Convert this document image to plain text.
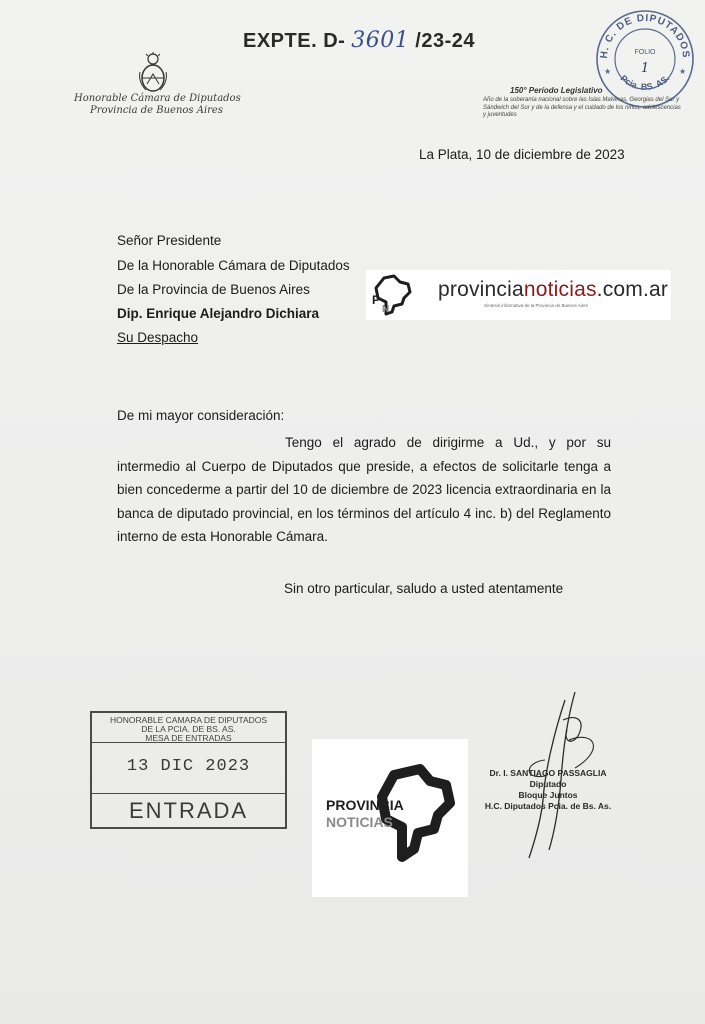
EXPTE. D- 3601 /23-24
Honorable Cámara de Diputados
Provincia de Buenos Aires
H. C. DE DIPUTADOS
Pcia. BS. AS.
FOLIO
1
★	★
150° Período Legislativo
Año de la soberanía nacional sobre las Islas Malvinas, Georgias del Sur y Sándwich del Sur y de la defensa y el cuidado de los niños, adolescencias y juventudes
La Plata, 10 de diciembre de 2023
Señor Presidente
De la Honorable Cámara de Diputados
De la Provincia de Buenos Aires
Dip. Enrique Alejandro Dichiara
Su Despacho
P
N
provincianoticias.com.ar
Síntesis informativa de la Provincia de Buenos Aires
De mi mayor consideración:
Tengo el agrado de dirigirme a Ud., y por su intermedio al Cuerpo de Diputados que preside, a efectos de solicitarle tenga a bien concederme a partir del 10 de diciembre de 2023 licencia extraordinaria en la banca de diputado provincial, en los términos del artículo 4 inc. b) del Reglamento interno de esta Honorable Cámara.
Sin otro particular, saludo a usted atentamente
HONORABLE CAMARA DE DIPUTADOS
DE LA PCIA. DE BS. AS.
MESA DE ENTRADAS
13 DIC 2023
ENTRADA	PROVINCIA
NOTICIAS
Dr. I. SANTIAGO PASSAGLIA
Diputado
Bloque Juntos
H.C. Diputados Pcia. de Bs. As.
